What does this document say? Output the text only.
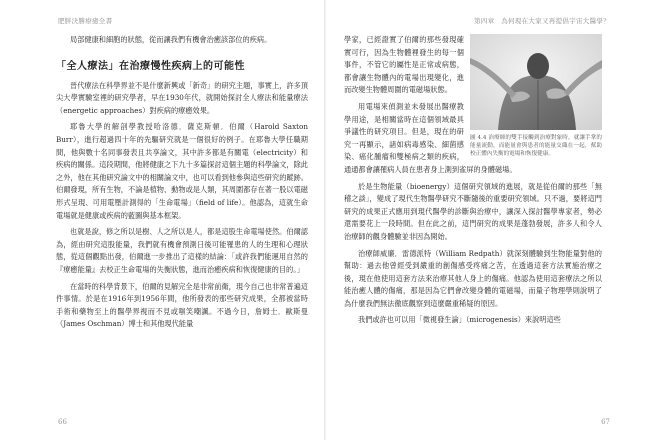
肥胖決勝療癒全書	第四章　為何現在大家又再提倡宇宙大醫學？

局部健康和細胞的狀態，從而讓我們有機會治癒該部位的疾病。

「全人療法」在治療慢性疾病上的可能性

晉代療法在科學界並不是什麼新興或「新奇」的研究主題，事實上，許多頂尖大學實驗室裡的研究學者，早在1930年代，就開始探討全人療法和能量療法（energetic approaches）對疾病的療癒效果。

耶魯大學的解剖學教授哈洛德．薩克斯頓．伯爾（Harold Saxton Burr），進行超過四十年的先驅研究就是一個很好的例子。在耶魯大學任職期間，他與數十名同事發表且共享論文，其中許多都是有關電（electricity）和疾病的關係。這段期間，他將健康之下九十多篇探討這個主題的科學論文，除此之外，他在其他研究論文中的相關論文中，也可以看到他參與這些研究的蹤跡。伯爾發現，所有生物，不論是植物、動物或是人類，其周圍都存在著一股以電磁形式呈現、可用電壓計測得的「生命電場」（field of life）。他認為，這就生命電場就是健康或疾病的藍圖與基本框架。

也就是說，修之所以是樹、人之所以是人，都是這股生命電場使然。伯爾認為，經由研究這股能量，我們就有機會預測日後可能罹患的人的生理和心理狀態，從這個觀點出發，伯爾進一步推出了這樣的結論：「或許我們能運用自然的『療癒能量』去校正生命電場的失衡狀態，進而治癒疾病和恢復健康的目的。」

在當時的科學背景下，伯爾的見解完全是非常前衛，現今自己也非常普遍這件事情。於是在1916年到1956年間，他所發表的那些研究成果，全都被當時手術和藥物至上的醫學界視而不見或嗤笑嘲諷。不過今日，詹姆士．歐斯曼（James Oschman）博士和其他現代能量

圖 4.4 治療師的雙手接觸到治療對象時，就讓手掌的能量流動，而能量會與患者的能量交織在一起，幫助校正體內失衡的電場和恢復健康。

學家，已經證實了伯爾的那些發現確實可行，因為生物體裡發生的每一個事件，不管它的屬性是正常或病態，都會讓生物體內的電場出現變化，進而改變生物體周圍的電磁場狀態。

用電場來偵測並未發展出醫療教學用途，是相關當時在這個領域最具爭議性的研究項目。但是，現在的研究一再顯示，諸如病毒感染、細菌感染、癌化腫瘤和雙極病之類的疾病，通通都會讓罹病人員在患者身上測到雀屏的身體磁場。

於是生物能量（bioenergy）這個研究領域的進展，就是從伯爾的那些「無稽之談」，變成了現代生物醫學研究不斷隨後的重要研究領域。只不過，要將這門研究的成果正式應用到現代醫學的診斷與治療中，讓深入探討醫學專家者，勢必還需要花上一段時間。但在此之前，這門研究的成果是蓬勃發展，許多人和令人治療師的觀身體驗並非因為開始。

治療師威廉．雷德派特（William Redpath）就深刻體驗到生物能量對他的幫助：過去他曾經受到嚴重的創傷感受疼痛之苦，在透過這套方法實施治療之後，現在他使用這套方法來治療其他人身上的傷痛。他認為使用這套療法之所以能治癒人體的傷痛，那是因為它們會改變身體的電磁場，而量子物理學則說明了為什麼我們無法徹底觀察到這麼嚴重稀疑的原因。

我們或許也可以用「微視發生論」（microgenesis）來說明這些

66	67
